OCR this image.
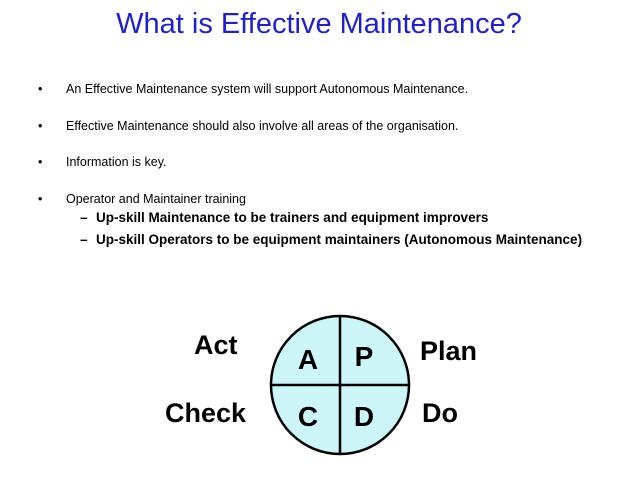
What is Effective Maintenance?
• An Effective Maintenance system will support Autonomous Maintenance.
• Effective Maintenance should also involve all areas of the organisation.
• Information is key.
• Operator and Maintainer training
– Up-skill Maintenance to be trainers and equipment improvers
– Up-skill Operators to be equipment maintainers (Autonomous Maintenance)
Act	Plan
Check	Do
A P
C D
